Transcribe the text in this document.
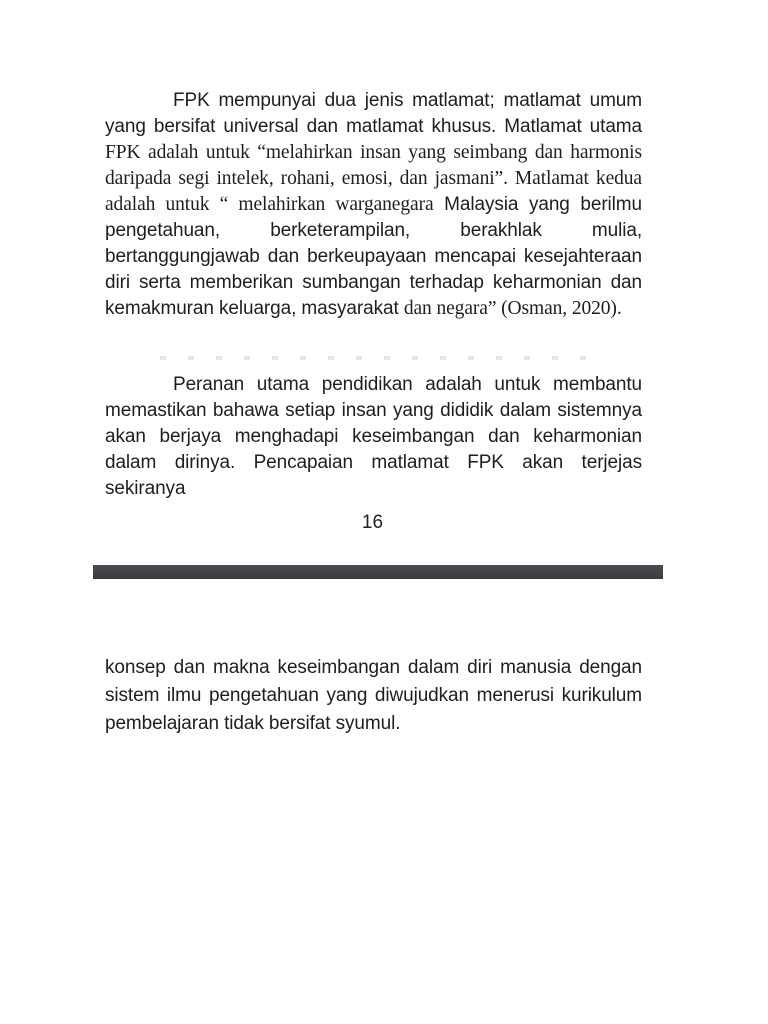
FPK mempunyai dua jenis matlamat; matlamat umum yang bersifat universal dan matlamat khusus. Matlamat utama FPK adalah untuk “melahirkan insan yang seimbang dan harmonis daripada segi intelek, rohani, emosi, dan jasmani”. Matlamat kedua adalah untuk “ melahirkan warganegara Malaysia yang berilmu pengetahuan, berketerampilan, berakhlak mulia, bertanggungjawab dan berkeupayaan mencapai kesejahteraan diri serta memberikan sumbangan terhadap keharmonian dan kemakmuran keluarga, masyarakat dan negara” (Osman, 2020).

Peranan utama pendidikan adalah untuk membantu memastikan bahawa setiap insan yang dididik dalam sistemnya akan berjaya menghadapi keseimbangan dan keharmonian dalam dirinya. Pencapaian matlamat FPK akan terjejas sekiranya

16

konsep dan makna keseimbangan dalam diri manusia dengan sistem ilmu pengetahuan yang diwujudkan menerusi kurikulum pembelajaran tidak bersifat syumul.
